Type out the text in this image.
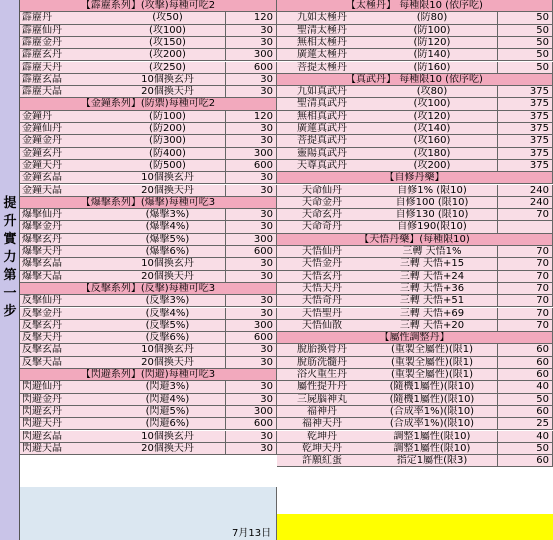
提升實力第一步
【霹靂系列】(攻擊)每種可吃2
霹靂丹	(攻50)	120
霹靂仙丹	(攻100)	30
霹靂金丹	(攻150)	30
霹靂玄丹	(攻200)	300
霹靂天丹	(攻250)	600
霹靂玄晶	10個換玄丹	30
霹靂天晶	20個換天丹	30
【金鐘系列】(防禦)每種可吃2
金鐘丹	(防100)	120
金鐘仙丹	(防200)	30
金鐘金丹	(防300)	30
金鐘玄丹	(防400)	300
金鐘天丹	(防500)	600
金鐘玄晶	10個換玄丹	30
金鐘天晶	20個換天丹	30
【爆擊系列】(爆擊)每種可吃3
爆擊仙丹	(爆擊3%)	30
爆擊金丹	(爆擊4%)	30
爆擊玄丹	(爆擊5%)	300
爆擊天丹	(爆擊6%)	600
爆擊玄晶	10個換玄丹	30
爆擊天晶	20個換天丹	30
【反擊系列】(反擊)每種可吃3
反擊仙丹	(反擊3%)	30
反擊金丹	(反擊4%)	30
反擊玄丹	(反擊5%)	300
反擊天丹	(反擊6%)	600
反擊玄晶	10個換玄丹	30
反擊天晶	20個換天丹	30
【閃避系列】(閃避)每種可吃3
閃避仙丹	(閃避3%)	30
閃避金丹	(閃避4%)	30
閃避玄丹	(閃避5%)	300
閃避天丹	(閃避6%)	600
閃避玄晶	10個換玄丹	30
閃避天晶	20個換天丹	30
【太極丹】 每種限10 (依序吃)
九如太極丹	(防80)	50
聖清太極丹	(防100)	50
無相太極丹	(防120)	50
廣蓮太極丹	(防140)	50
菩提太極丹	(防160)	50
【真武丹】 每種限10 (依序吃)
九如真武丹	(攻80)	375
聖清真武丹	(攻100)	375
無相真武丹	(攻120)	375
廣蓮真武丹	(攻140)	375
菩提真武丹	(攻160)	375
靈陽真武丹	(攻180)	375
天尊真武丹	(攻200)	375
【自修丹藥】
天命仙丹	自修1% (限10)	240
天命金丹	自修100 (限10)	240
天命玄丹	自修130 (限10)	70
天命奇丹	自修190(限10)
【天悟丹藥】(每種限10)
天悟仙丹	三轉 天悟1%	70
天悟金丹	三轉 天悟+15	70
天悟玄丹	三轉 天悟+24	70
天悟天丹	三轉 天悟+36	70
天悟奇丹	三轉 天悟+51	70
天悟聖丹	三轉 天悟+69	70
天悟仙散	三轉 天悟+20	70
【屬性調整丹】
脫胎換骨丹	(重製全屬性)(限1)	60
脫筋洗髓丹	(重製全屬性)(限1)	60
浴火重生丹	(重製全屬性)(限1)	60
屬性提升丹	(隨機1屬性)(限10)	40
三屍腦神丸	(隨機1屬性)(限10)	50
福神丹	(合成率1%)(限10)	60
福神天丹	(合成率1%)(限10)	25
乾坤丹	調整1屬性(限10)	40
乾坤天丹	調整1屬性(限10)	50
許願紅蛋	指定1屬性(限3)	60
7月13日
